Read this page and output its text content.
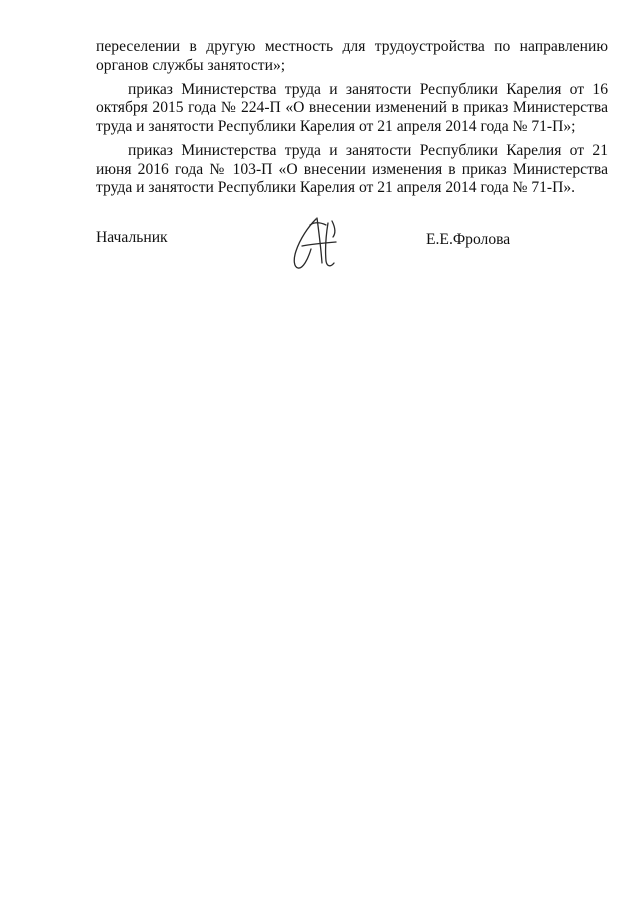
переселении в другую местность для трудоустройства по направлению органов службы занятости»;

приказ Министерства труда и занятости Республики Карелия от 16 октября 2015 года № 224-П «О внесении изменений в приказ Министерства труда и занятости Республики Карелия от 21 апреля 2014 года № 71-П»;

приказ Министерства труда и занятости Республики Карелия от 21 июня 2016 года № 103-П «О внесении изменения в приказ Министерства труда и занятости Республики Карелия от 21 апреля 2014 года № 71-П».

Начальник	Е.Е.Фролова
